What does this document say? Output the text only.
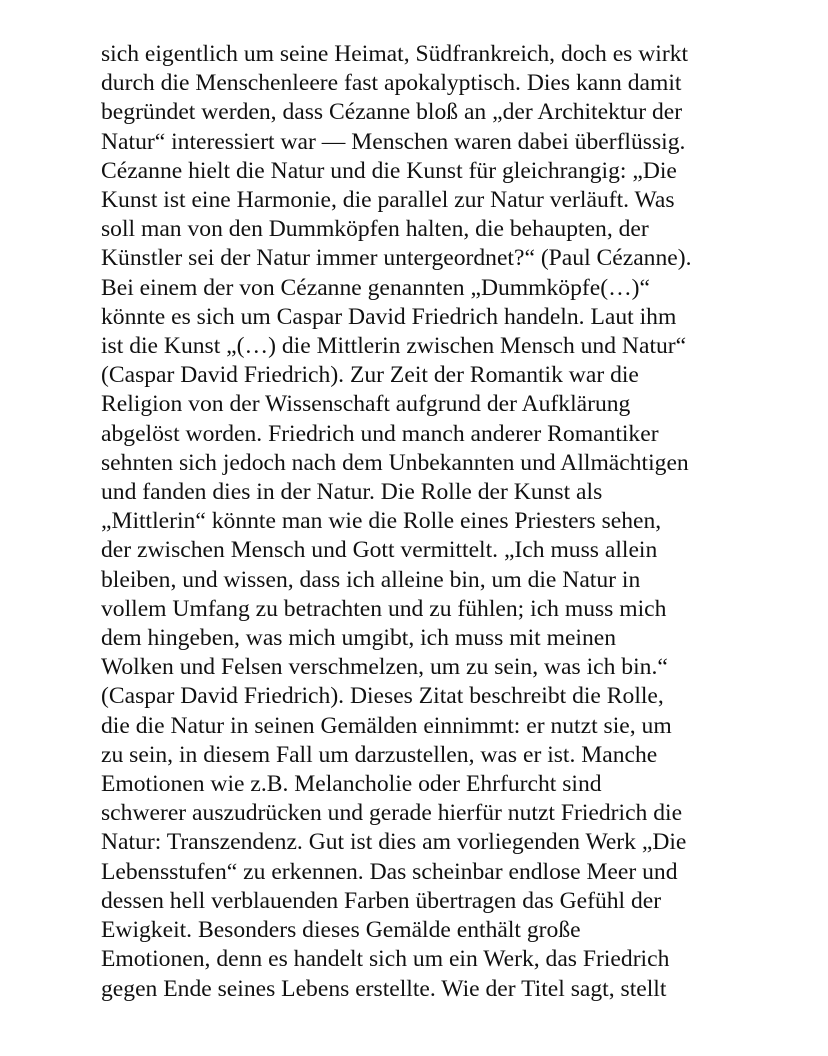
sich eigentlich um seine Heimat, Südfrankreich, doch es wirkt
durch die Menschenleere fast apokalyptisch. Dies kann damit
begründet werden, dass Cézanne bloß an „der Architektur der
Natur“ interessiert war — Menschen waren dabei überflüssig.
Cézanne hielt die Natur und die Kunst für gleichrangig: „Die
Kunst ist eine Harmonie, die parallel zur Natur verläuft. Was
soll man von den Dummköpfen halten, die behaupten, der
Künstler sei der Natur immer untergeordnet?“ (Paul Cézanne).
Bei einem der von Cézanne genannten „Dummköpfe(…)“
könnte es sich um Caspar David Friedrich handeln. Laut ihm
ist die Kunst „(…) die Mittlerin zwischen Mensch und Natur“
(Caspar David Friedrich). Zur Zeit der Romantik war die
Religion von der Wissenschaft aufgrund der Aufklärung
abgelöst worden. Friedrich und manch anderer Romantiker
sehnten sich jedoch nach dem Unbekannten und Allmächtigen
und fanden dies in der Natur. Die Rolle der Kunst als
„Mittlerin“ könnte man wie die Rolle eines Priesters sehen,
der zwischen Mensch und Gott vermittelt. „Ich muss allein
bleiben, und wissen, dass ich alleine bin, um die Natur in
vollem Umfang zu betrachten und zu fühlen; ich muss mich
dem hingeben, was mich umgibt, ich muss mit meinen
Wolken und Felsen verschmelzen, um zu sein, was ich bin.“
(Caspar David Friedrich). Dieses Zitat beschreibt die Rolle,
die die Natur in seinen Gemälden einnimmt: er nutzt sie, um
zu sein, in diesem Fall um darzustellen, was er ist. Manche
Emotionen wie z.B. Melancholie oder Ehrfurcht sind
schwerer auszudrücken und gerade hierfür nutzt Friedrich die
Natur: Transzendenz. Gut ist dies am vorliegenden Werk „Die
Lebensstufen“ zu erkennen. Das scheinbar endlose Meer und
dessen hell verblauenden Farben übertragen das Gefühl der
Ewigkeit. Besonders dieses Gemälde enthält große
Emotionen, denn es handelt sich um ein Werk, das Friedrich
gegen Ende seines Lebens erstellte. Wie der Titel sagt, stellt
